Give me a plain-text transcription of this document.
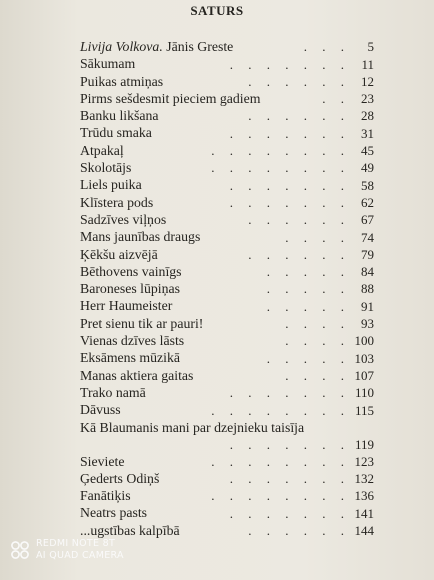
SATURS
Livija Volkova. Jānis Greste	. . . 5
Sākumam	. . . . . . . 11
Puikas atmiņas	. . . . . . 12
Pirms sešdesmit pieciem gadiem	. . 23
Banku likšana	. . . . . . 28
Trūdu smaka	. . . . . . . 31
Atpakaļ	. . . . . . . . 45
Skolotājs	. . . . . . . . 49
Liels puika	. . . . . . . 58
Klīstera pods	. . . . . . . 62
Sadzīves viļņos	. . . . . . 67
Mans jaunības draugs	. . . . 74
Ķēkšu aizvējā	. . . . . . 79
Bēthovens vainīgs	. . . . . 84
Baroneses lūpiņas	. . . . . 88
Herr Haumeister	. . . . . 91
Pret sienu tik ar pauri!	. . . . 93
Vienas dzīves lāsts	. . . . 100
Eksāmens mūzikā	. . . . . 103
Manas aktiera gaitas	. . . . 107
Trako namā	. . . . . . . 110
Dāvuss	. . . . . . . . 115
Kā Blaumanis mani par dzejnieku taisīja
. . . . . . . 119
Sieviete	. . . . . . . . 123
Ģederts Odiņš	. . . . . . . 132
Fanātiķis	. . . . . . . . 136
Neatrs pasts	. . . . . . . 141
...ugstības kalpībā	. . . . . . 144
REDMI NOTE 8T
AI QUAD CAMERA
